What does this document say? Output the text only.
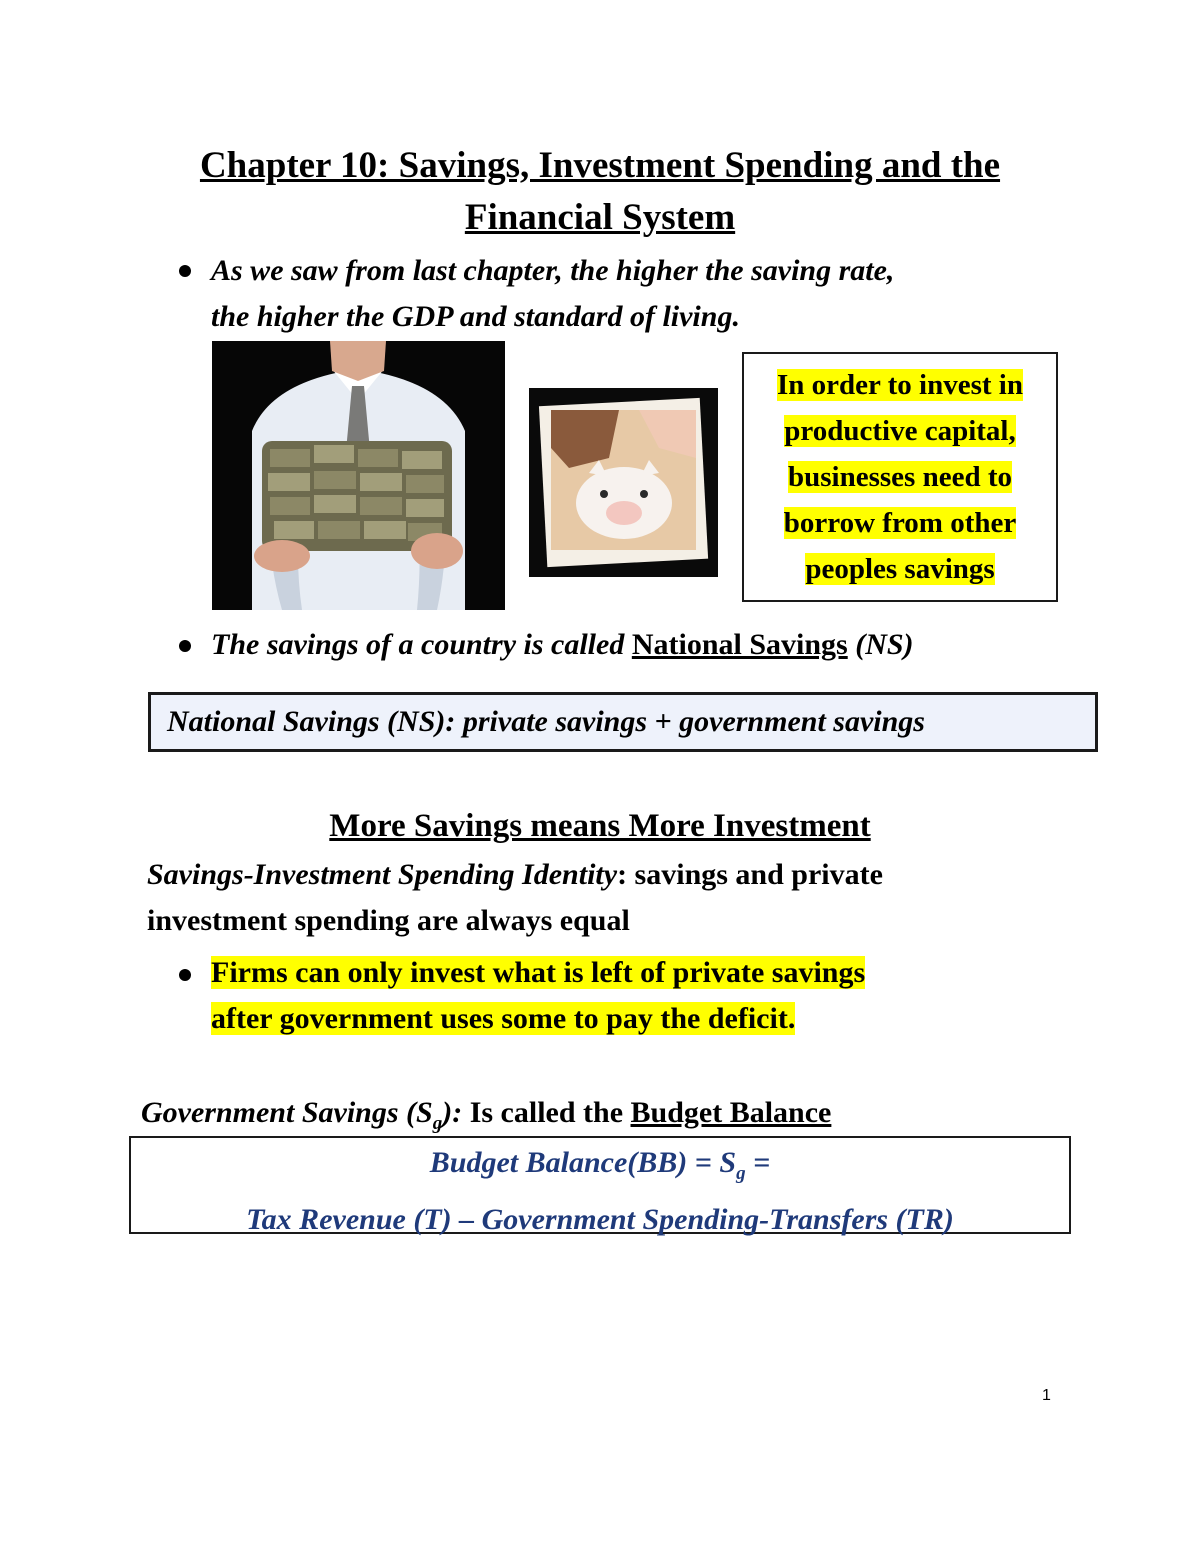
Chapter 10: Savings, Investment Spending and the
Financial System
As we saw from last chapter, the higher the saving rate,
the higher the GDP and standard of living.
In order to invest in
productive capital,
businesses need to
borrow from other
peoples savings
The savings of a country is called National Savings (NS)
National Savings (NS): private savings + government savings
More Savings means More Investment
Savings-Investment Spending Identity: savings and private
investment spending are always equal
Firms can only invest what is left of private savings
after government uses some to pay the deficit.
Government Savings $(S_g)$: Is called the Budget Balance
Budget Balance(BB) = $S_g$ =
Tax Revenue (T) – Government Spending-Transfers (TR)
1
